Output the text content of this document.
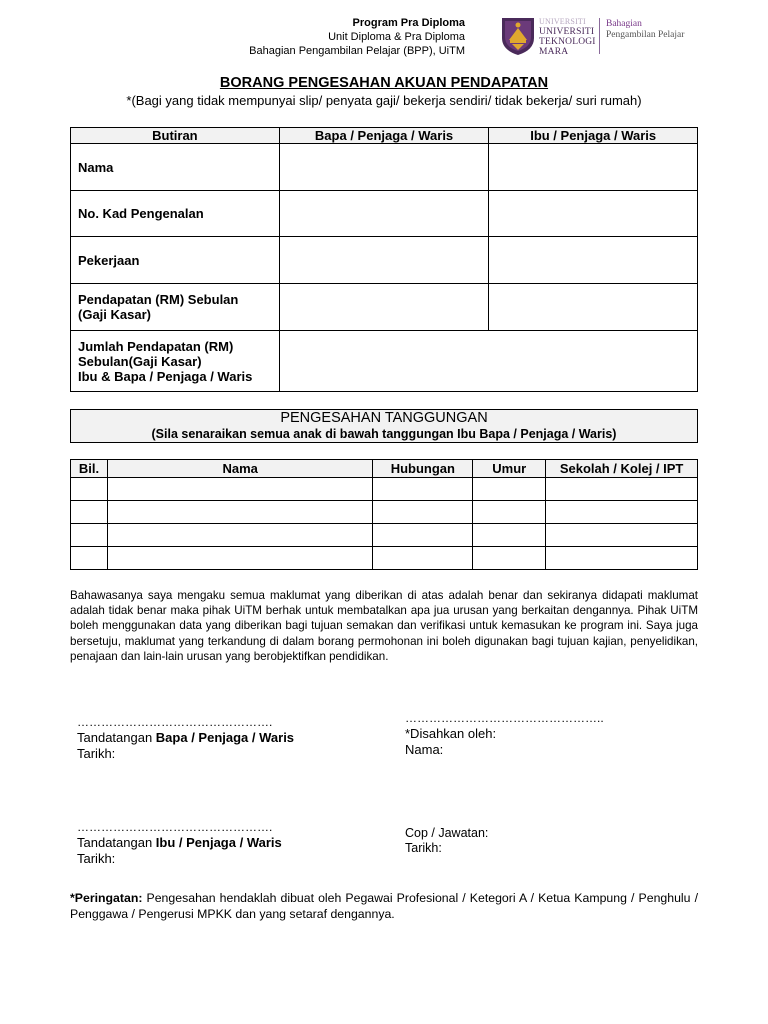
Program Pra Diploma
Unit Diploma & Pra Diploma
Bahagian Pengambilan Pelajar (BPP), UiTM
UNIVERSITI
UNIVERSITI
TEKNOLOGI
MARA
Bahagian
Pengambilan Pelajar
BORANG PENGESAHAN AKUAN PENDAPATAN
*(Bagi yang tidak mempunyai slip/ penyata gaji/ bekerja sendiri/ tidak bekerja/ suri rumah)
Butiran	Bapa / Penjaga / Waris	Ibu / Penjaga / Waris
Nama		
No. Kad Pengenalan		
Pekerjaan		

Pendapatan (RM) Sebulan
(Gaji Kasar)		

Jumlah Pendapatan (RM)
Sebulan(Gaji Kasar)
Ibu & Bapa / Penjaga / Waris		

PENGESAHAN TANGGUNGAN
(Sila senaraikan semua anak di bawah tanggungan Ibu Bapa / Penjaga / Waris)
Bil.	Nama	Hubungan	Umur	Sekolah / Kolej / IPT

Bahawasanya saya mengaku semua maklumat yang diberikan di atas adalah benar dan sekiranya didapati maklumat adalah tidak benar maka pihak UiTM berhak untuk membatalkan apa jua urusan yang berkaitan dengannya. Pihak UiTM boleh menggunakan data yang diberikan bagi tujuan semakan dan verifikasi untuk kemasukan ke program ini. Saya juga bersetuju, maklumat yang terkandung di dalam borang permohonan ini boleh digunakan bagi tujuan kajian, penyelidikan, penajaan dan lain-lain urusan yang berobjektifkan pendidikan.
………………………………………….
Tandatangan Bapa / Penjaga / Waris
Tarikh:
…………………………………………..
*Disahkan oleh:
Nama:
………………………………………….
Tandatangan Ibu / Penjaga / Waris
Tarikh:
Cop / Jawatan:
Tarikh:
*Peringatan: Pengesahan hendaklah dibuat oleh Pegawai Profesional / Ketegori A / Ketua Kampung / Penghulu / Penggawa / Pengerusi MPKK dan yang setaraf dengannya.
